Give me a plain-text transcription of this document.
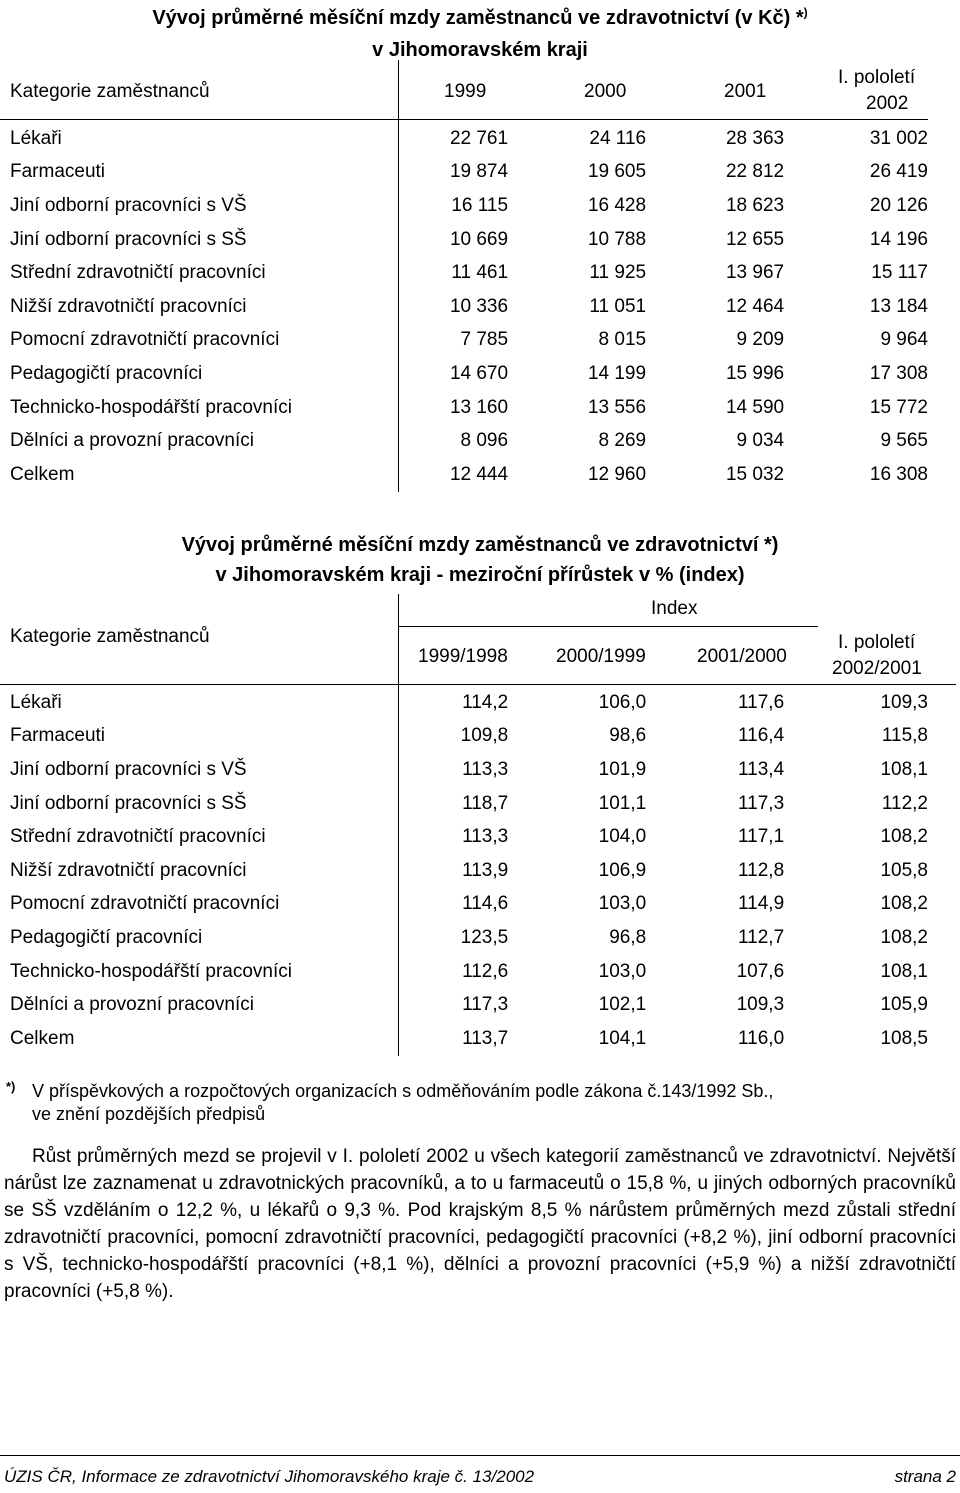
Vývoj průměrné měsíční mzdy zaměstnanců ve zdravotnictví (v Kč) *)
v Jihomoravském kraji
Kategorie zaměstnanců	1999	2000	2001
I. pololetí
2002
Lékaři	22 761	24 116	28 363	31 002
Farmaceuti	19 874	19 605	22 812	26 419
Jiní odborní pracovníci s VŠ	16 115	16 428	18 623	20 126
Jiní odborní pracovníci s SŠ	10 669	10 788	12 655	14 196
Střední zdravotničtí pracovníci	11 461	11 925	13 967	15 117
Nižší zdravotničtí pracovníci	10 336	11 051	12 464	13 184
Pomocní zdravotničtí pracovníci	7 785	8 015	9 209	9 964
Pedagogičtí pracovníci	14 670	14 199	15 996	17 308
Technicko-hospodářští pracovníci	13 160	13 556	14 590	15 772
Dělníci a provozní pracovníci	8 096	8 269	9 034	9 565
Celkem	12 444	12 960	15 032	16 308
Vývoj průměrné měsíční mzdy zaměstnanců ve zdravotnictví *)
v Jihomoravském kraji - meziroční přírůstek v % (index)
Kategorie zaměstnanců
Index
1999/1998	2000/1999	2001/2000
I. pololetí
2002/2001
Lékaři	114,2	106,0	117,6	109,3
Farmaceuti	109,8	98,6	116,4	115,8
Jiní odborní pracovníci s VŠ	113,3	101,9	113,4	108,1
Jiní odborní pracovníci s SŠ	118,7	101,1	117,3	112,2
Střední zdravotničtí pracovníci	113,3	104,0	117,1	108,2
Nižší zdravotničtí pracovníci	113,9	106,9	112,8	105,8
Pomocní zdravotničtí pracovníci	114,6	103,0	114,9	108,2
Pedagogičtí pracovníci	123,5	96,8	112,7	108,2
Technicko-hospodářští pracovníci	112,6	103,0	107,6	108,1
Dělníci a provozní pracovníci	117,3	102,1	109,3	105,9
Celkem	113,7	104,1	116,0	108,5
*) V příspěvkových a rozpočtových organizacích s odměňováním podle zákona č.143/1992 Sb.,
ve znění pozdějších předpisů
Růst průměrných mezd se projevil v I. pololetí 2002 u všech kategorií zaměstnanců ve zdravotnictví. Největší nárůst lze zaznamenat u zdravotnických pracovníků, a to u farmaceutů o 15,8 %, u jiných odborných pracovníků se SŠ vzděláním o 12,2 %, u lékařů o 9,3 %. Pod krajským 8,5 % nárůstem průměrných mezd zůstali střední zdravotničtí pracovníci, pomocní zdravotničtí pracovníci, pedagogičtí pracovníci (+8,2 %), jiní odborní pracovníci s VŠ, technicko-hospodářští pracovníci (+8,1 %), dělníci a provozní pracovníci (+5,9 %) a nižší zdravotničtí pracovníci (+5,8 %).
ÚZIS ČR, Informace ze zdravotnictví Jihomoravského kraje č. 13/2002	strana 2
